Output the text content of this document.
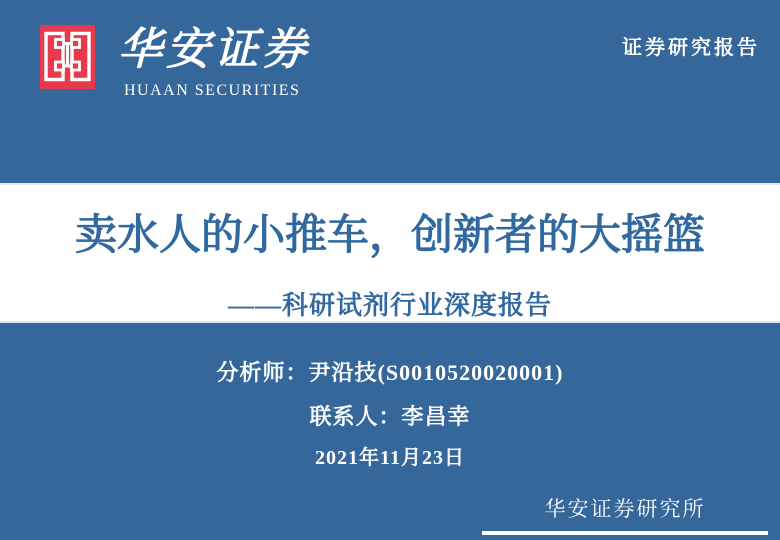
华安证券
HUAAN SECURITIES
证券研究报告
卖水人的小推车，创新者的大摇篮
——科研试剂行业深度报告
分析师：尹沿技(S0010520020001)
联系人：李昌幸
2021年11月23日
华安证券研究所
